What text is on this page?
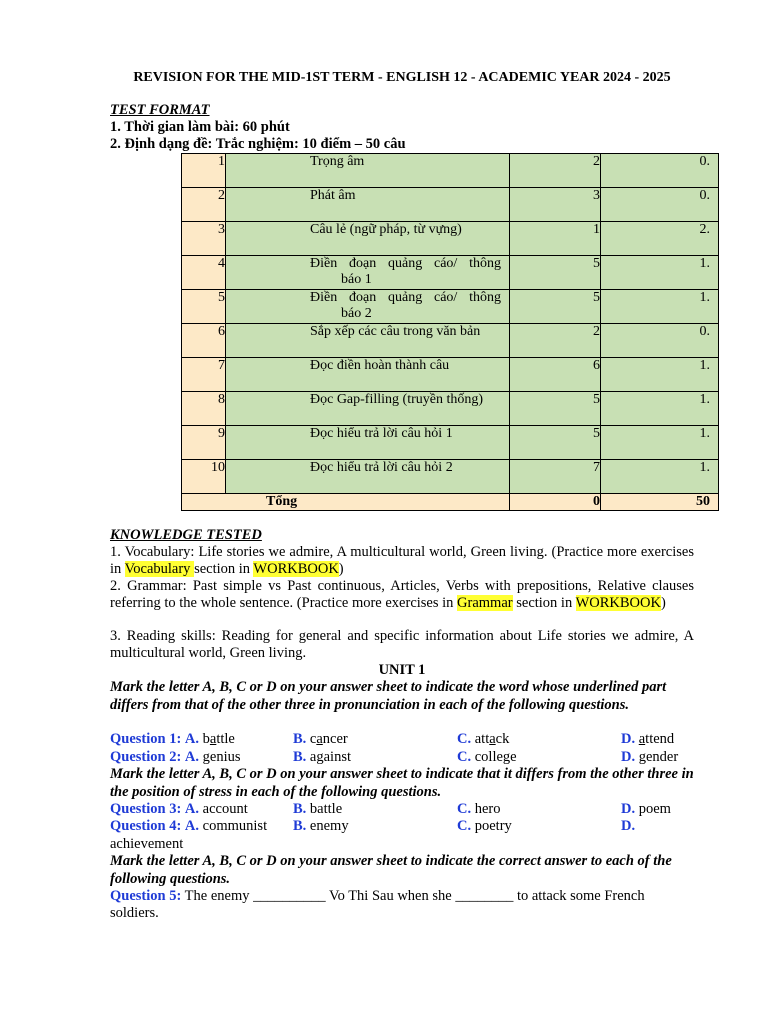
REVISION FOR THE MID-1ST TERM - ENGLISH 12 - ACADEMIC YEAR 2024 - 2025
TEST FORMAT
1. Thời gian làm bài: 60 phút
2. Định dạng đề: Trắc nghiệm: 10 điểm – 50 câu
1	Trọng âm	2	0.
2	Phát âm	3	0.
3	Câu lẻ (ngữ pháp, từ vựng)	1	2.
4	Điền đoạn quảng cáo/ thông
báo 1	5	1.
5	Điền đoạn quảng cáo/ thông
báo 2	5	1.
6	Sắp xếp các câu trong văn bản	2	0.
7	Đọc điền hoàn thành câu	6	1.
8	Đọc Gap-filling (truyền thống)	5	1.
9	Đọc hiểu trả lời câu hỏi 1	5	1.
10	Đọc hiểu trả lời câu hỏi 2	7	1.
Tổng		0	50
KNOWLEDGE TESTED
1. Vocabulary: Life stories we admire, A multicultural world, Green living. (Practice more exercises in Vocabulary section in WORKBOOK)
2. Grammar: Past simple vs Past continuous, Articles, Verbs with prepositions, Relative clauses referring to the whole sentence. (Practice more exercises in Grammar section in WORKBOOK)
3. Reading skills: Reading for general and specific information about Life stories we admire, A multicultural world, Green living.
UNIT 1
Mark the letter A, B, C or D on your answer sheet to indicate the word whose underlined part differs from that of the other three in pronunciation in each of the following questions.
Question 1: A. battle	B. cancer	C. attack	D. attend
Question 2: A. genius	B. against	C. college	D. gender
Mark the letter A, B, C or D on your answer sheet to indicate that it differs from the other three in the position of stress in each of the following questions.
Question 3: A. account	B. battle	C. hero	D. poem
Question 4: A. communist B. enemy	C. poetry	D.
achievement
Mark the letter A, B, C or D on your answer sheet to indicate the correct answer to each of the following questions.
Question 5: The enemy __________ Vo Thi Sau when she ________ to attack some French soldiers.
